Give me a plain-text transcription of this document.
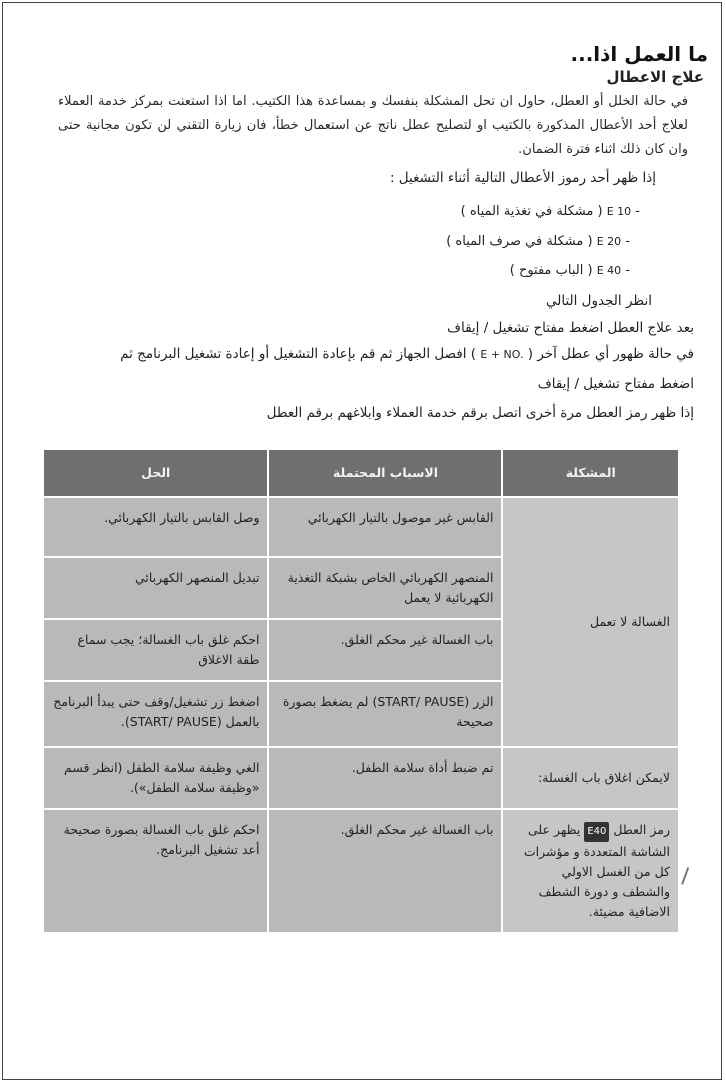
ما العمل اذا...
علاج الاعطال
في حالة الخلل أو العطل، حاول ان تحل المشكلة بنفسك و بمساعدة هذا الكتيب. اما اذا استعنت بمركز خدمة العملاء لعلاج أحد الأعطال المذكورة بالكتيب او لتصليح عطل ناتج عن استعمال خطأ، فان زيارة التقني لن تكون مجانية حتى وان كان ذلك اثناء فترة الضمان.
إذا ظهر أحد رموز الأعطال التالية أثناء التشغيل :
- E 10 ( مشكلة في تغذية المياه )
- E 20 ( مشكلة في صرف المياه )
- E 40 ( الباب مفتوح )
انظر الجدول التالي
بعد علاج العطل اضغط مفتاح تشغيل / إيقاف
في حالة ظهور أي عطل آخر ( E + NO. ) افصل الجهاز ثم قم بإعادة التشغيل أو إعادة تشغيل البرنامج ثم
اضغط مفتاح تشغيل / إيقاف
إذا ظهر رمز العطل مرة أخرى اتصل برقم خدمة العملاء وابلاغهم برقم العطل
المشكلة	الاسباب المحتملة	الحل
الغسالة لا تعمل	القابس غير موصول بالتيار الكهربائي	وصل القابس بالتيار الكهربائي.
	المنصهر الكهربائي الخاص بشبكة التغذية الكهربائية لا يعمل	تبديل المنصهر الكهربائي
	باب الغسالة غير محكم الغلق.	احكم غلق باب الغسالة؛ يجب سماع طقة الاغلاق
	الزر (START/ PAUSE) لم يضغط بصورة صحيحة	اضغط زر تشغيل/وقف حتى يبدأ البرنامج بالعمل (START/ PAUSE).
لايمكن اغلاق باب الغسلة:	تم ضبط أداة سلامة الطفل.	الغي وظيفة سلامة الطفل (انظر قسم «وظيفة سلامة الطفل»).
رمز العطل E40 يظهر على الشاشة المتعددة و مؤشرات كل من الغسل الاولي والشطف و دورة الشطف الاضافية مضيئة.	باب الغسالة غير محكم الغلق.	احكم غلق باب الغسالة بصورة صحيحة أعد تشغيل البرنامج.
